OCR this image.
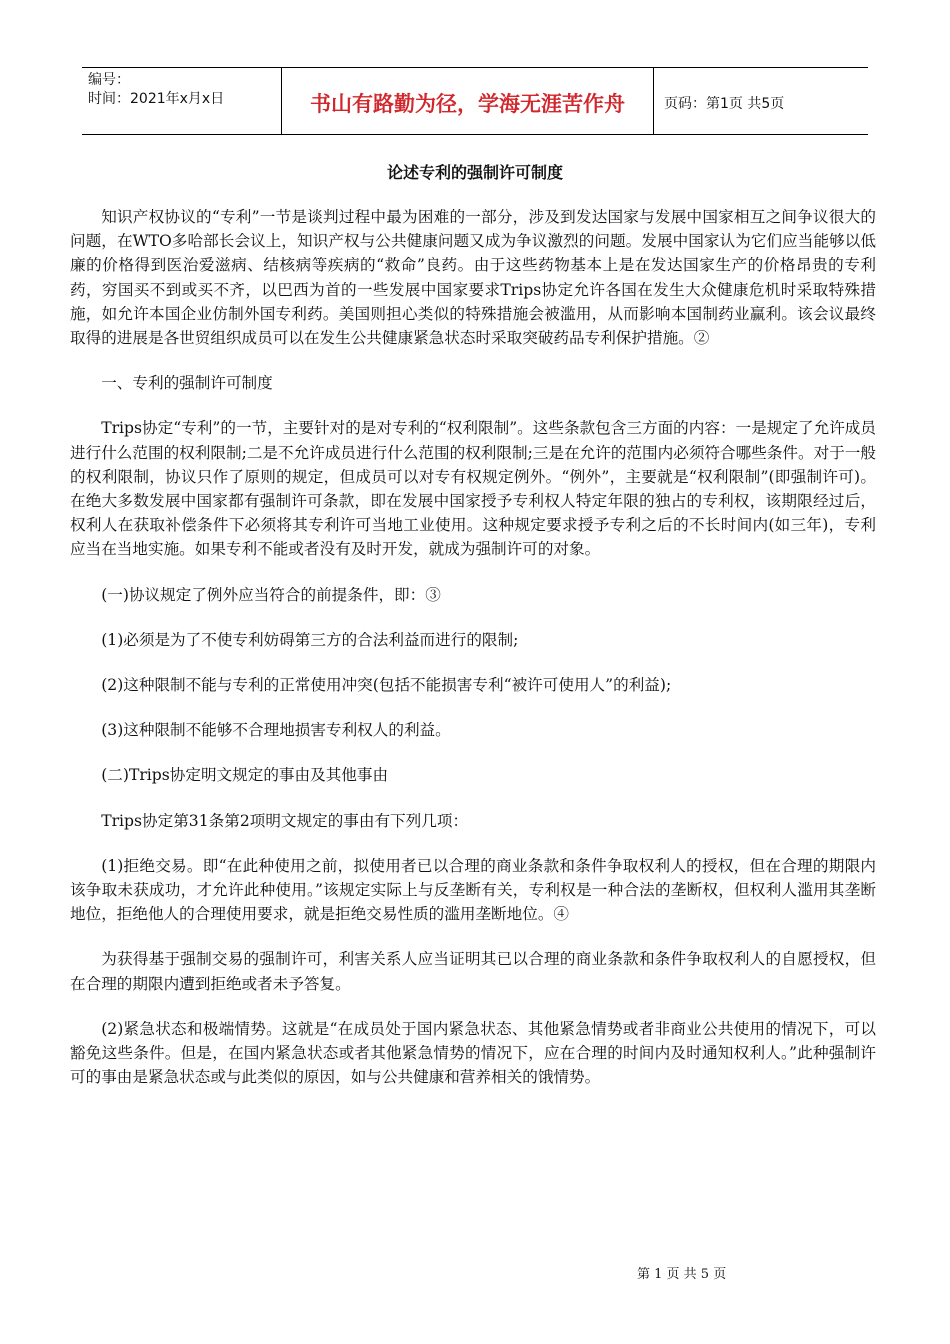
编号：
时间：2021年x月x日	书山有路勤为径，学海无涯苦作舟	页码：第1页 共5页
论述专利的强制许可制度

知识产权协议的“专利”一节是谈判过程中最为困难的一部分，涉及到发达国家与发展中国家相互之间争议很大的问题，在WTO多哈部长会议上，知识产权与公共健康问题又成为争议激烈的问题。发展中国家认为它们应当能够以低廉的价格得到医治爱滋病、结核病等疾病的“救命”良药。由于这些药物基本上是在发达国家生产的价格昂贵的专利药，穷国买不到或买不齐，以巴西为首的一些发展中国家要求Trips协定允许各国在发生大众健康危机时采取特殊措施，如允许本国企业仿制外国专利药。美国则担心类似的特殊措施会被滥用，从而影响本国制药业赢利。该会议最终取得的进展是各世贸组织成员可以在发生公共健康紧急状态时采取突破药品专利保护措施。②

一、专利的强制许可制度

Trips协定“专利”的一节，主要针对的是对专利的“权利限制”。这些条款包含三方面的内容：一是规定了允许成员进行什么范围的权利限制;二是不允许成员进行什么范围的权利限制;三是在允许的范围内必须符合哪些条件。对于一般的权利限制，协议只作了原则的规定，但成员可以对专有权规定例外。“例外”，主要就是“权利限制”(即强制许可)。在绝大多数发展中国家都有强制许可条款，即在发展中国家授予专利权人特定年限的独占的专利权，该期限经过后，权利人在获取补偿条件下必须将其专利许可当地工业使用。这种规定要求授予专利之后的不长时间内(如三年)，专利应当在当地实施。如果专利不能或者没有及时开发，就成为强制许可的对象。

(一)协议规定了例外应当符合的前提条件，即：③

(1)必须是为了不使专利妨碍第三方的合法利益而进行的限制;

(2)这种限制不能与专利的正常使用冲突(包括不能损害专利“被许可使用人”的利益);

(3)这种限制不能够不合理地损害专利权人的利益。

(二)Trips协定明文规定的事由及其他事由

Trips协定第31条第2项明文规定的事由有下列几项：

(1)拒绝交易。即“在此种使用之前，拟使用者已以合理的商业条款和条件争取权利人的授权，但在合理的期限内该争取未获成功，才允许此种使用。”该规定实际上与反垄断有关，专利权是一种合法的垄断权，但权利人滥用其垄断地位，拒绝他人的合理使用要求，就是拒绝交易性质的滥用垄断地位。④

为获得基于强制交易的强制许可，利害关系人应当证明其已以合理的商业条款和条件争取权利人的自愿授权，但在合理的期限内遭到拒绝或者未予答复。

(2)紧急状态和极端情势。这就是“在成员处于国内紧急状态、其他紧急情势或者非商业公共使用的情况下，可以豁免这些条件。但是，在国内紧急状态或者其他紧急情势的情况下，应在合理的时间内及时通知权利人。”此种强制许可的事由是紧急状态或与此类似的原因，如与公共健康和营养相关的饿情势。

第 1 页 共 5 页
